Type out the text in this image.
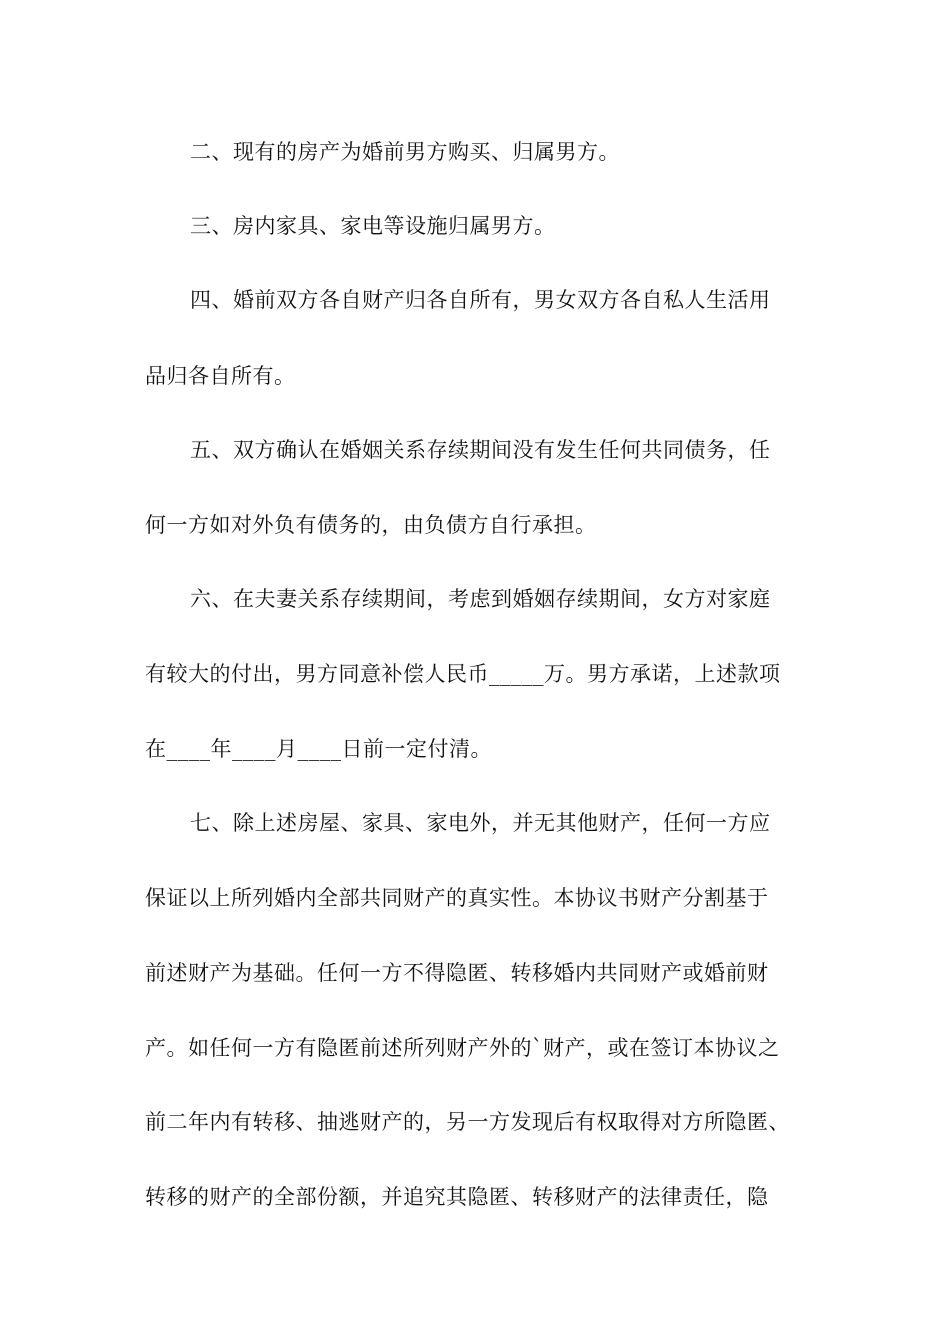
二、现有的房产为婚前男方购买、归属男方。
三、房内家具、家电等设施归属男方。
四、婚前双方各自财产归各自所有，男女双方各自私人生活用
品归各自所有。
五、双方确认在婚姻关系存续期间没有发生任何共同债务，任
何一方如对外负有债务的，由负债方自行承担。
六、在夫妻关系存续期间，考虑到婚姻存续期间，女方对家庭
有较大的付出，男方同意补偿人民币_____万。男方承诺，上述款项
在____年____月____日前一定付清。
七、除上述房屋、家具、家电外，并无其他财产，任何一方应
保证以上所列婚内全部共同财产的真实性。本协议书财产分割基于
前述财产为基础。任何一方不得隐匿、转移婚内共同财产或婚前财
产。如任何一方有隐匿前述所列财产外的`财产，或在签订本协议之
前二年内有转移、抽逃财产的，另一方发现后有权取得对方所隐匿、
转移的财产的全部份额，并追究其隐匿、转移财产的法律责任，隐
